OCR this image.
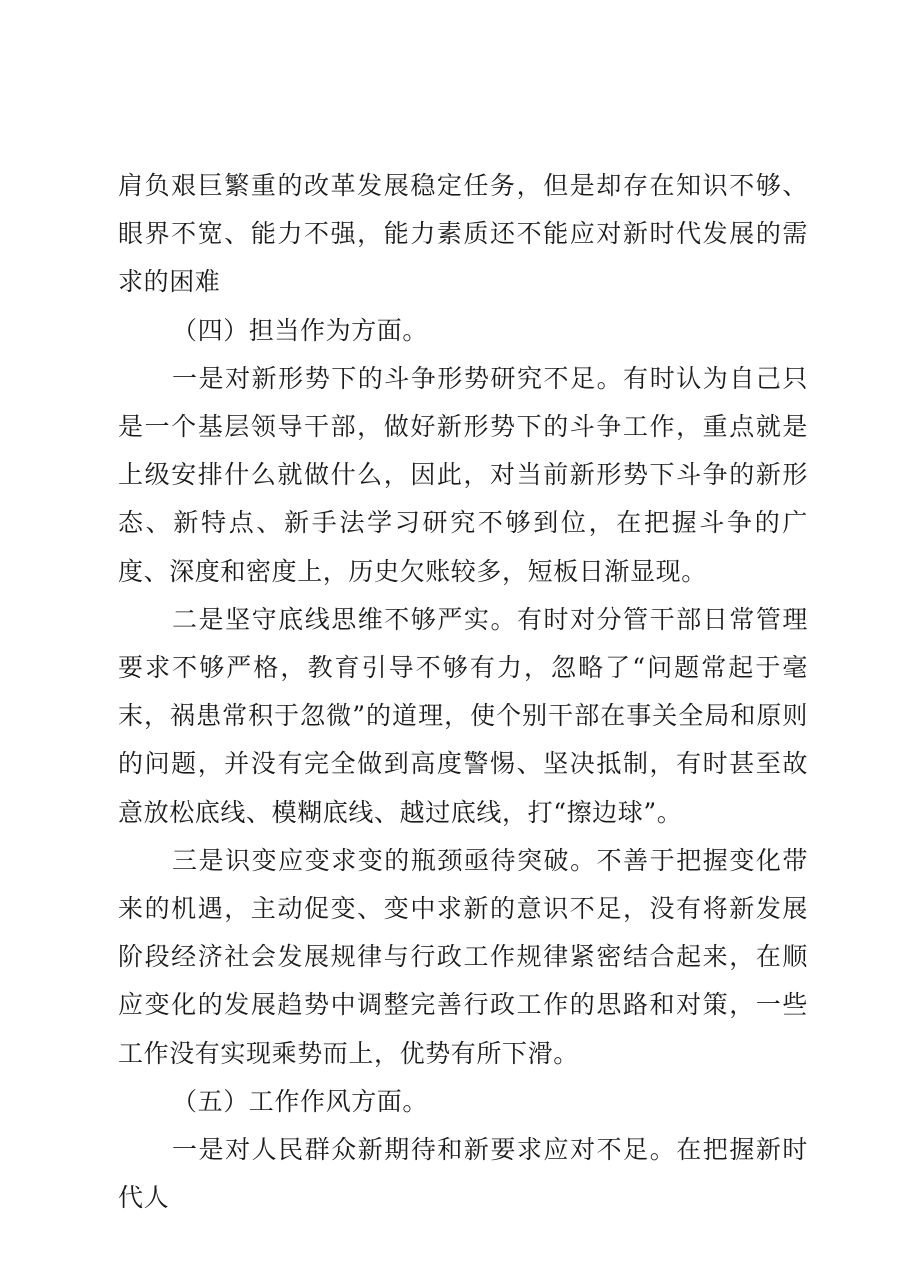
肩负艰巨繁重的改革发展稳定任务，但是却存在知识不够、眼界不宽、能力不强，能力素质还不能应对新时代发展的需求的困难

（四）担当作为方面。

一是对新形势下的斗争形势研究不足。有时认为自己只是一个基层领导干部，做好新形势下的斗争工作，重点就是上级安排什么就做什么，因此，对当前新形势下斗争的新形态、新特点、新手法学习研究不够到位，在把握斗争的广度、深度和密度上，历史欠账较多，短板日渐显现。

二是坚守底线思维不够严实。有时对分管干部日常管理要求不够严格，教育引导不够有力，忽略了“问题常起于毫末，祸患常积于忽微”的道理，使个别干部在事关全局和原则的问题，并没有完全做到高度警惕、坚决抵制，有时甚至故意放松底线、模糊底线、越过底线，打“擦边球”。

三是识变应变求变的瓶颈亟待突破。不善于把握变化带来的机遇，主动促变、变中求新的意识不足，没有将新发展阶段经济社会发展规律与行政工作规律紧密结合起来，在顺应变化的发展趋势中调整完善行政工作的思路和对策，一些工作没有实现乘势而上，优势有所下滑。

（五）工作作风方面。

一是对人民群众新期待和新要求应对不足。在把握新时代人
